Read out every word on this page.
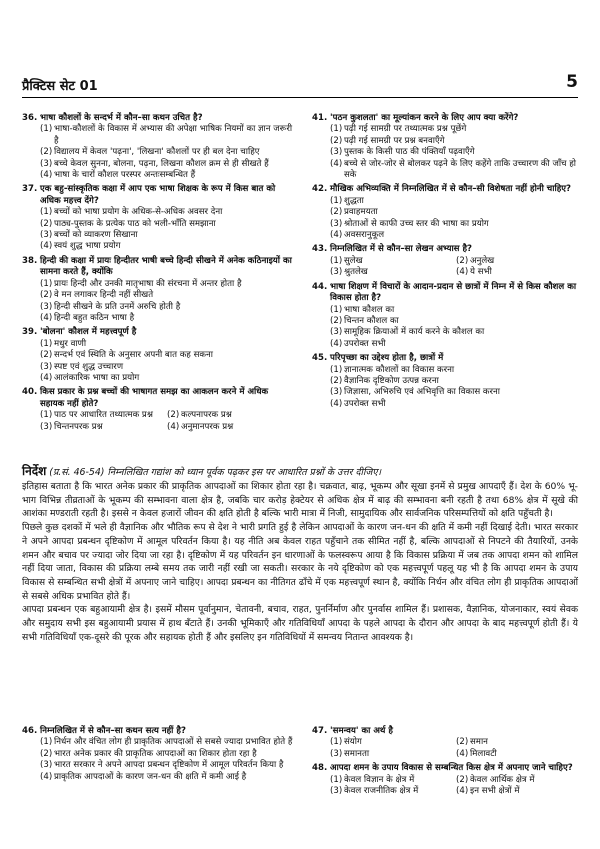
प्रैक्टिस सेट 01	5
36. भाषा कौशलों के सन्दर्भ में कौन–सा कथन उचित है?
(1) भाषा-कौशलों के विकास में अभ्यास की अपेक्षा भाषिक नियमों का ज्ञान जरूरी है
(2) विद्यालय में केवल 'पढ़ना', 'लिखना' कौशलों पर ही बल देना चाहिए
(3) बच्चे केवल सुनना, बोलना, पढ़ना, लिखना कौशल क्रम से ही सीखते हैं
(4) भाषा के चारों कौशल परस्पर अन्तःसम्बन्धित हैं
37. एक बहु-सांस्कृतिक कक्षा में आप एक भाषा शिक्षक के रूप में किस बात को अधिक महत्त्व देंगे?
(1) बच्चों को भाषा प्रयोग के अधिक-से-अधिक अवसर देना
(2) पाठ्य-पुस्तक के प्रत्येक पाठ को भली-भाँति समझाना
(3) बच्चों को व्याकरण सिखाना
(4) स्वयं शुद्ध भाषा प्रयोग
38. हिन्दी की कक्षा में प्रायः हिन्दीतर भाषी बच्चे हिन्दी सीखने में अनेक कठिनाइयों का सामना करते हैं, क्योंकि
(1) प्रायः हिन्दी और उनकी मातृभाषा की संरचना में अन्तर होता है
(2) वे मन लगाकर हिन्दी नहीं सीखते
(3) हिन्दी सीखने के प्रति उनमें अरुचि होती है
(4) हिन्दी बहुत कठिन भाषा है
39. 'बोलना' कौशल में महत्त्वपूर्ण है
(1) मधुर वाणी
(2) सन्दर्भ एवं स्थिति के अनुसार अपनी बात कह सकना
(3) स्पष्ट एवं शुद्ध उच्चारण
(4) आलंकारिक भाषा का प्रयोग
40. किस प्रकार के प्रश्न बच्चों की भाषागत समझ का आकलन करने में अधिक सहायक नहीं होते?
(1) पाठ पर आधारित तथ्यात्मक प्रश्न	(2) कल्पनापरक प्रश्न
(3) चिन्तनपरक प्रश्न	(4) अनुमानपरक प्रश्न
41. 'पठन कुशलता' का मूल्यांकन करने के लिए आप क्या करेंगे?
(1) पढ़ी गई सामग्री पर तथ्यात्मक प्रश्न पूछेंगे
(2) पढ़ी गई सामग्री पर प्रश्न बनवाएँगे
(3) पुस्तक के किसी पाठ की पंक्तियाँ पढ़वाएँगे
(4) बच्चे से जोर-जोर से बोलकर पढ़ने के लिए कहेंगे ताकि उच्चारण की जाँच हो सके
42. मौखिक अभिव्यक्ति में निम्नलिखित में से कौन–सी विशेषता नहीं होनी चाहिए?
(1) शुद्धता
(2) प्रवाहमयता
(3) श्रोताओं से काफी उच्च स्तर की भाषा का प्रयोग
(4) अवसरानुकूल
43. निम्नलिखित में से कौन–सा लेखन अभ्यास है?
(1) सुलेख	(2) अनुलेख
(3) श्रुतलेख	(4) ये सभी
44. भाषा शिक्षण में विचारों के आदान-प्रदान से छात्रों में निम्न में से किस कौशल का विकास होता है?
(1) भाषा कौशल का
(2) चिन्तन कौशल का
(3) सामूहिक क्रियाओं में कार्य करने के कौशल का
(4) उपरोक्त सभी
45. परिपृच्छा का उद्देश्य होता है, छात्रों में
(1) ज्ञानात्मक कौशलों का विकास करना
(2) वैज्ञानिक दृष्टिकोण उत्पन्न करना
(3) जिज्ञासा, अभिरुचि एवं अभिवृत्ति का विकास करना
(4) उपरोक्त सभी
निर्देश (प्र.सं. 46-54) निम्नलिखित गद्यांश को ध्यान पूर्वक पढ़कर इस पर आधारित प्रश्नों के उत्तर दीजिए।

इतिहास बताता है कि भारत अनेक प्रकार की प्राकृतिक आपदाओं का शिकार होता रहा है। चक्रवात, बाढ़, भूकम्प और सूखा इनमें से प्रमुख आपदाएँ हैं। देश के 60% भू-भाग विभिन्न तीव्रताओं के भूकम्प की सम्भावना वाला क्षेत्र है, जबकि चार करोड़ हेक्टेयर से अधिक क्षेत्र में बाढ़ की सम्भावना बनी रहती है तथा 68% क्षेत्र में सूखे की आशंका मण्डराती रहती है। इससे न केवल हजारों जीवन की क्षति होती है बल्कि भारी मात्रा में निजी, सामुदायिक और सार्वजनिक परिसम्पत्तियों को क्षति पहुँचती है।

पिछले कुछ दशकों में भले ही वैज्ञानिक और भौतिक रूप से देश ने भारी प्रगति हुई है लेकिन आपदाओं के कारण जन-धन की क्षति में कमी नहीं दिखाई देती। भारत सरकार ने अपने आपदा प्रबन्धन दृष्टिकोण में आमूल परिवर्तन किया है। यह नीति अब केवल राहत पहुँचाने तक सीमित नहीं है, बल्कि आपदाओं से निपटने की तैयारियों, उनके शमन और बचाव पर ज्यादा जोर दिया जा रहा है। दृष्टिकोण में यह परिवर्तन इन धारणाओं के फलस्वरूप आया है कि विकास प्रक्रिया में जब तक आपदा शमन को शामिल नहीं दिया जाता, विकास की प्रक्रिया लम्बे समय तक जारी नहीं रखी जा सकती। सरकार के नये दृष्टिकोण को एक महत्त्वपूर्ण पहलू यह भी है कि आपदा शमन के उपाय विकास से सम्बन्धित सभी क्षेत्रों में अपनाए जाने चाहिए। आपदा प्रबन्धन का नीतिगत ढाँचे में एक महत्त्वपूर्ण स्थान है, क्योंकि निर्धन और वंचित लोग ही प्राकृतिक आपदाओं से सबसे अधिक प्रभावित होते हैं।

आपदा प्रबन्धन एक बहुआयामी क्षेत्र है। इसमें मौसम पूर्वानुमान, चेतावनी, बचाव, राहत, पुनर्निर्माण और पुनर्वास शामिल हैं। प्रशासक, वैज्ञानिक, योजनाकार, स्वयं सेवक और समुदाय सभी इस बहुआयामी प्रयास में हाथ बँटाते हैं। उनकी भूमिकाएँ और गतिविधियाँ आपदा के पहले आपदा के दौरान और आपदा के बाद महत्त्वपूर्ण होती हैं। ये सभी गतिविधियाँ एक-दूसरे की पूरक और सहायक होती हैं और इसलिए इन गतिविधियों में समन्वय नितान्त आवश्यक है।

46. निम्नलिखित में से कौन–सा कथन सत्य नहीं है?
(1) निर्धन और वंचित लोग ही प्राकृतिक आपदाओं से सबसे ज्यादा प्रभावित होते हैं
(2) भारत अनेक प्रकार की प्राकृतिक आपदाओं का शिकार होता रहा है
(3) भारत सरकार ने अपने आपदा प्रबन्धन दृष्टिकोण में आमूल परिवर्तन किया है
(4) प्राकृतिक आपदाओं के कारण जन-धन की क्षति में कमी आई है
47. 'समन्वय' का अर्थ है
(1) संयोग	(2) समान
(3) समानता	(4) मिलावटी
48. आपदा शमन के उपाय विकास से सम्बन्धित किस क्षेत्र में अपनाए जाने चाहिए?
(1) केवल विज्ञान के क्षेत्र में	(2) केवल आर्थिक क्षेत्र में
(3) केवल राजनीतिक क्षेत्र में	(4) इन सभी क्षेत्रों में
